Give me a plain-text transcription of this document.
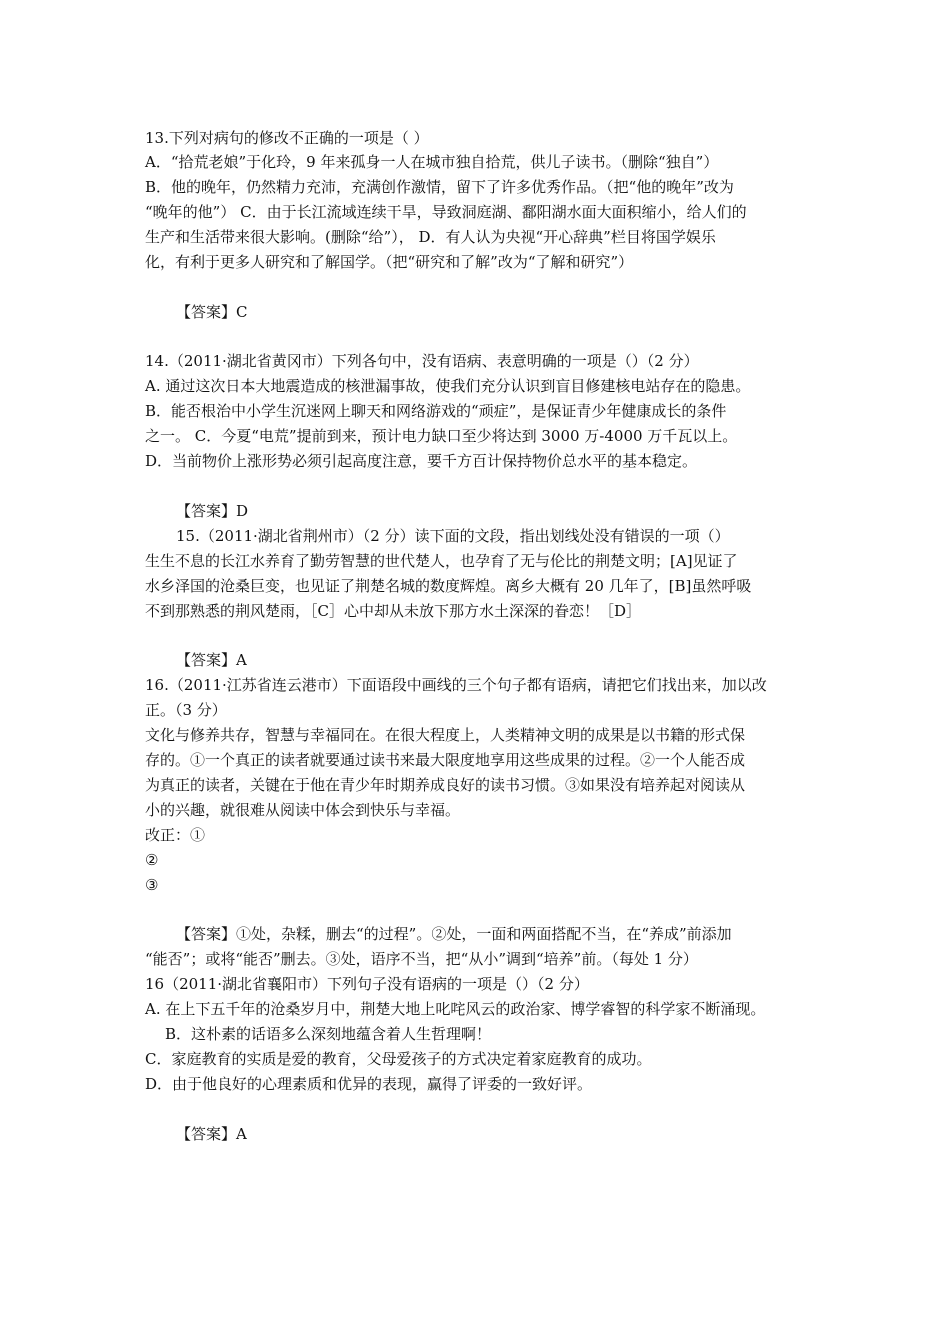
13.下列对病句的修改不正确的一项是（ ）
A．“拾荒老娘”于化玲，9 年来孤身一人在城市独自拾荒，供儿子读书。（删除“独自”）
B．他的晚年，仍然精力充沛，充满创作激情，留下了许多优秀作品。（把“他的晚年”改为
“晚年的他”） C．由于长江流域连续干旱，导致洞庭湖、鄱阳湖水面大面积缩小，给人们的
生产和生活带来很大影响。(删除“给”）， D．有人认为央视“开心辞典”栏目将国学娱乐
化，有利于更多人研究和了解国学。（把“研究和了解”改为“了解和研究”）
【答案】C
14.（2011·湖北省黄冈市）下列各句中，没有语病、表意明确的一项是（）（2 分）
A. 通过这次日本大地震造成的核泄漏事故，使我们充分认识到盲目修建核电站存在的隐患。
B．能否根治中小学生沉迷网上聊天和网络游戏的“顽症”，是保证青少年健康成长的条件
之一。 C．今夏“电荒”提前到来，预计电力缺口至少将达到 3000 万-4000 万千瓦以上。
D．当前物价上涨形势必须引起高度注意，要千方百计保持物价总水平的基本稳定。
【答案】D
15.（2011·湖北省荆州市）（2 分）读下面的文段，指出划线处没有错误的一项（）
生生不息的长江水养育了勤劳智慧的世代楚人，也孕育了无与伦比的荆楚文明；[A]见证了
水乡泽国的沧桑巨变，也见证了荆楚名城的数度辉煌。离乡大概有 20 几年了，[B]虽然呼吸
不到那熟悉的荆风楚雨，［C］心中却从未放下那方水土深深的眷恋！［D］
【答案】A
16.（2011·江苏省连云港市）下面语段中画线的三个句子都有语病，请把它们找出来，加以改
正。（3 分）
文化与修养共存，智慧与幸福同在。在很大程度上，人类精神文明的成果是以书籍的形式保
存的。①一个真正的读者就要通过读书来最大限度地享用这些成果的过程。②一个人能否成
为真正的读者，关键在于他在青少年时期养成良好的读书习惯。③如果没有培养起对阅读从
小的兴趣，就很难从阅读中体会到快乐与幸福。
改正：①
②
③
【答案】①处，杂糅，删去“的过程”。②处，一面和两面搭配不当，在“养成”前添加
“能否”；或将“能否”删去。③处，语序不当，把“从小”调到“培养”前。（每处 1 分）
16（2011·湖北省襄阳市）下列句子没有语病的一项是（）（2 分）
A. 在上下五千年的沧桑岁月中，荆楚大地上叱咤风云的政治家、博学睿智的科学家不断涌现。
B．这朴素的话语多么深刻地蕴含着人生哲理啊！
C．家庭教育的实质是爱的教育，父母爱孩子的方式决定着家庭教育的成功。
D．由于他良好的心理素质和优异的表现，赢得了评委的一致好评。
【答案】A
